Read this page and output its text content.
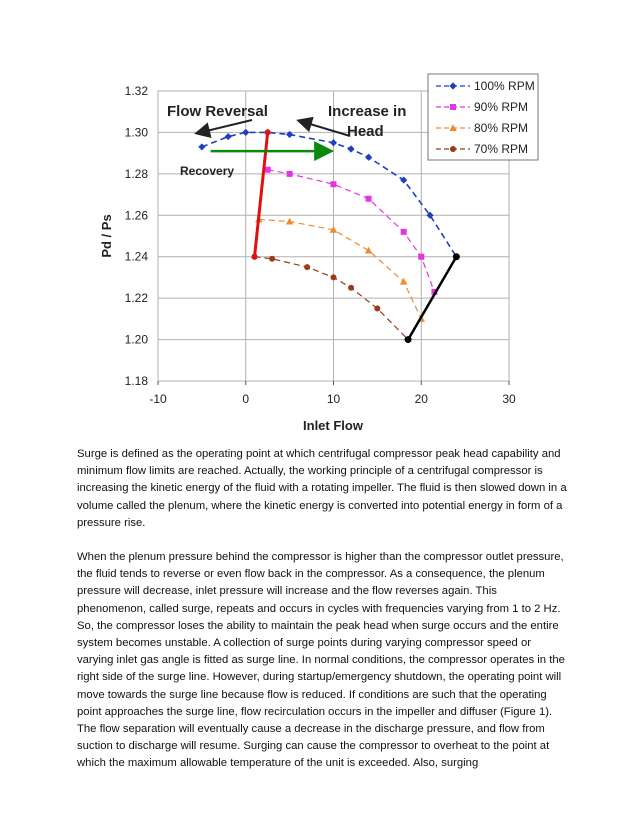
1.18
1.20
1.22
1.24
1.26
1.28
1.30
1.32
-10	0	10	20	30
Flow Reversal	Increase in
Head
Recovery
Inlet Flow
Pd / Ps
100% RPM
90% RPM
80% RPM
70% RPM

Surge is defined as the operating point at which centrifugal compressor peak head capability and minimum flow limits are reached. Actually, the working principle of a centrifugal compressor is increasing the kinetic energy of the fluid with a rotating impeller. The fluid is then slowed down in a volume called the plenum, where the kinetic energy is converted into potential energy in form of a pressure rise.

When the plenum pressure behind the compressor is higher than the compressor outlet pressure, the fluid tends to reverse or even flow back in the compressor. As a consequence, the plenum pressure will decrease, inlet pressure will increase and the flow reverses again. This phenomenon, called surge, repeats and occurs in cycles with frequencies varying from 1 to 2 Hz. So, the compressor loses the ability to maintain the peak head when surge occurs and the entire system becomes unstable. A collection of surge points during varying compressor speed or varying inlet gas angle is fitted as surge line. In normal conditions, the compressor operates in the right side of the surge line. However, during startup/emergency shutdown, the operating point will move towards the surge line because flow is reduced. If conditions are such that the operating point approaches the surge line, flow recirculation occurs in the impeller and diffuser (Figure 1). The flow separation will eventually cause a decrease in the discharge pressure, and flow from suction to discharge will resume. Surging can cause the compressor to overheat to the point at which the maximum allowable temperature of the unit is exceeded. Also, surging
